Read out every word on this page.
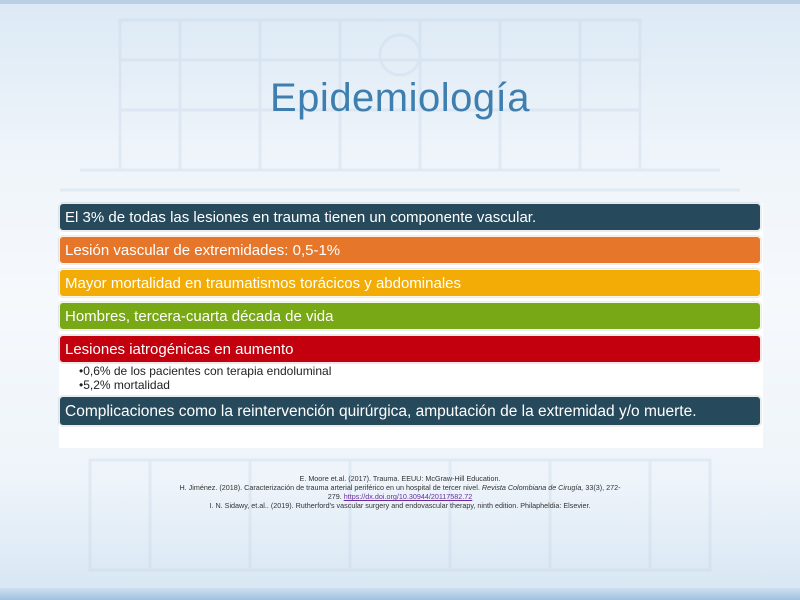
Epidemiología
El 3% de todas las lesiones en trauma tienen un componente vascular.
Lesión vascular de extremidades: 0,5-1%
Mayor mortalidad en traumatismos torácicos y abdominales
Hombres, tercera-cuarta década de vida
Lesiones iatrogénicas en aumento
•0,6% de los pacientes con terapia endoluminal
•5,2% mortalidad
Complicaciones como la reintervención quirúrgica, amputación de la extremidad y/o muerte.
E. Moore et.al. (2017). Trauma. EEUU: McGraw-Hill Education.
H. Jiménez. (2018). Caracterización de trauma arterial periférico en un hospital de tercer nivel. Revista Colombiana de Cirugía, 33(3), 272-
279. https://dx.doi.org/10.30944/20117582.72
I. N. Sidawy, et.al.. (2019). Rutherford's vascular surgery and endovascular therapy, ninth edition. Philapheldia: Elsevier.
